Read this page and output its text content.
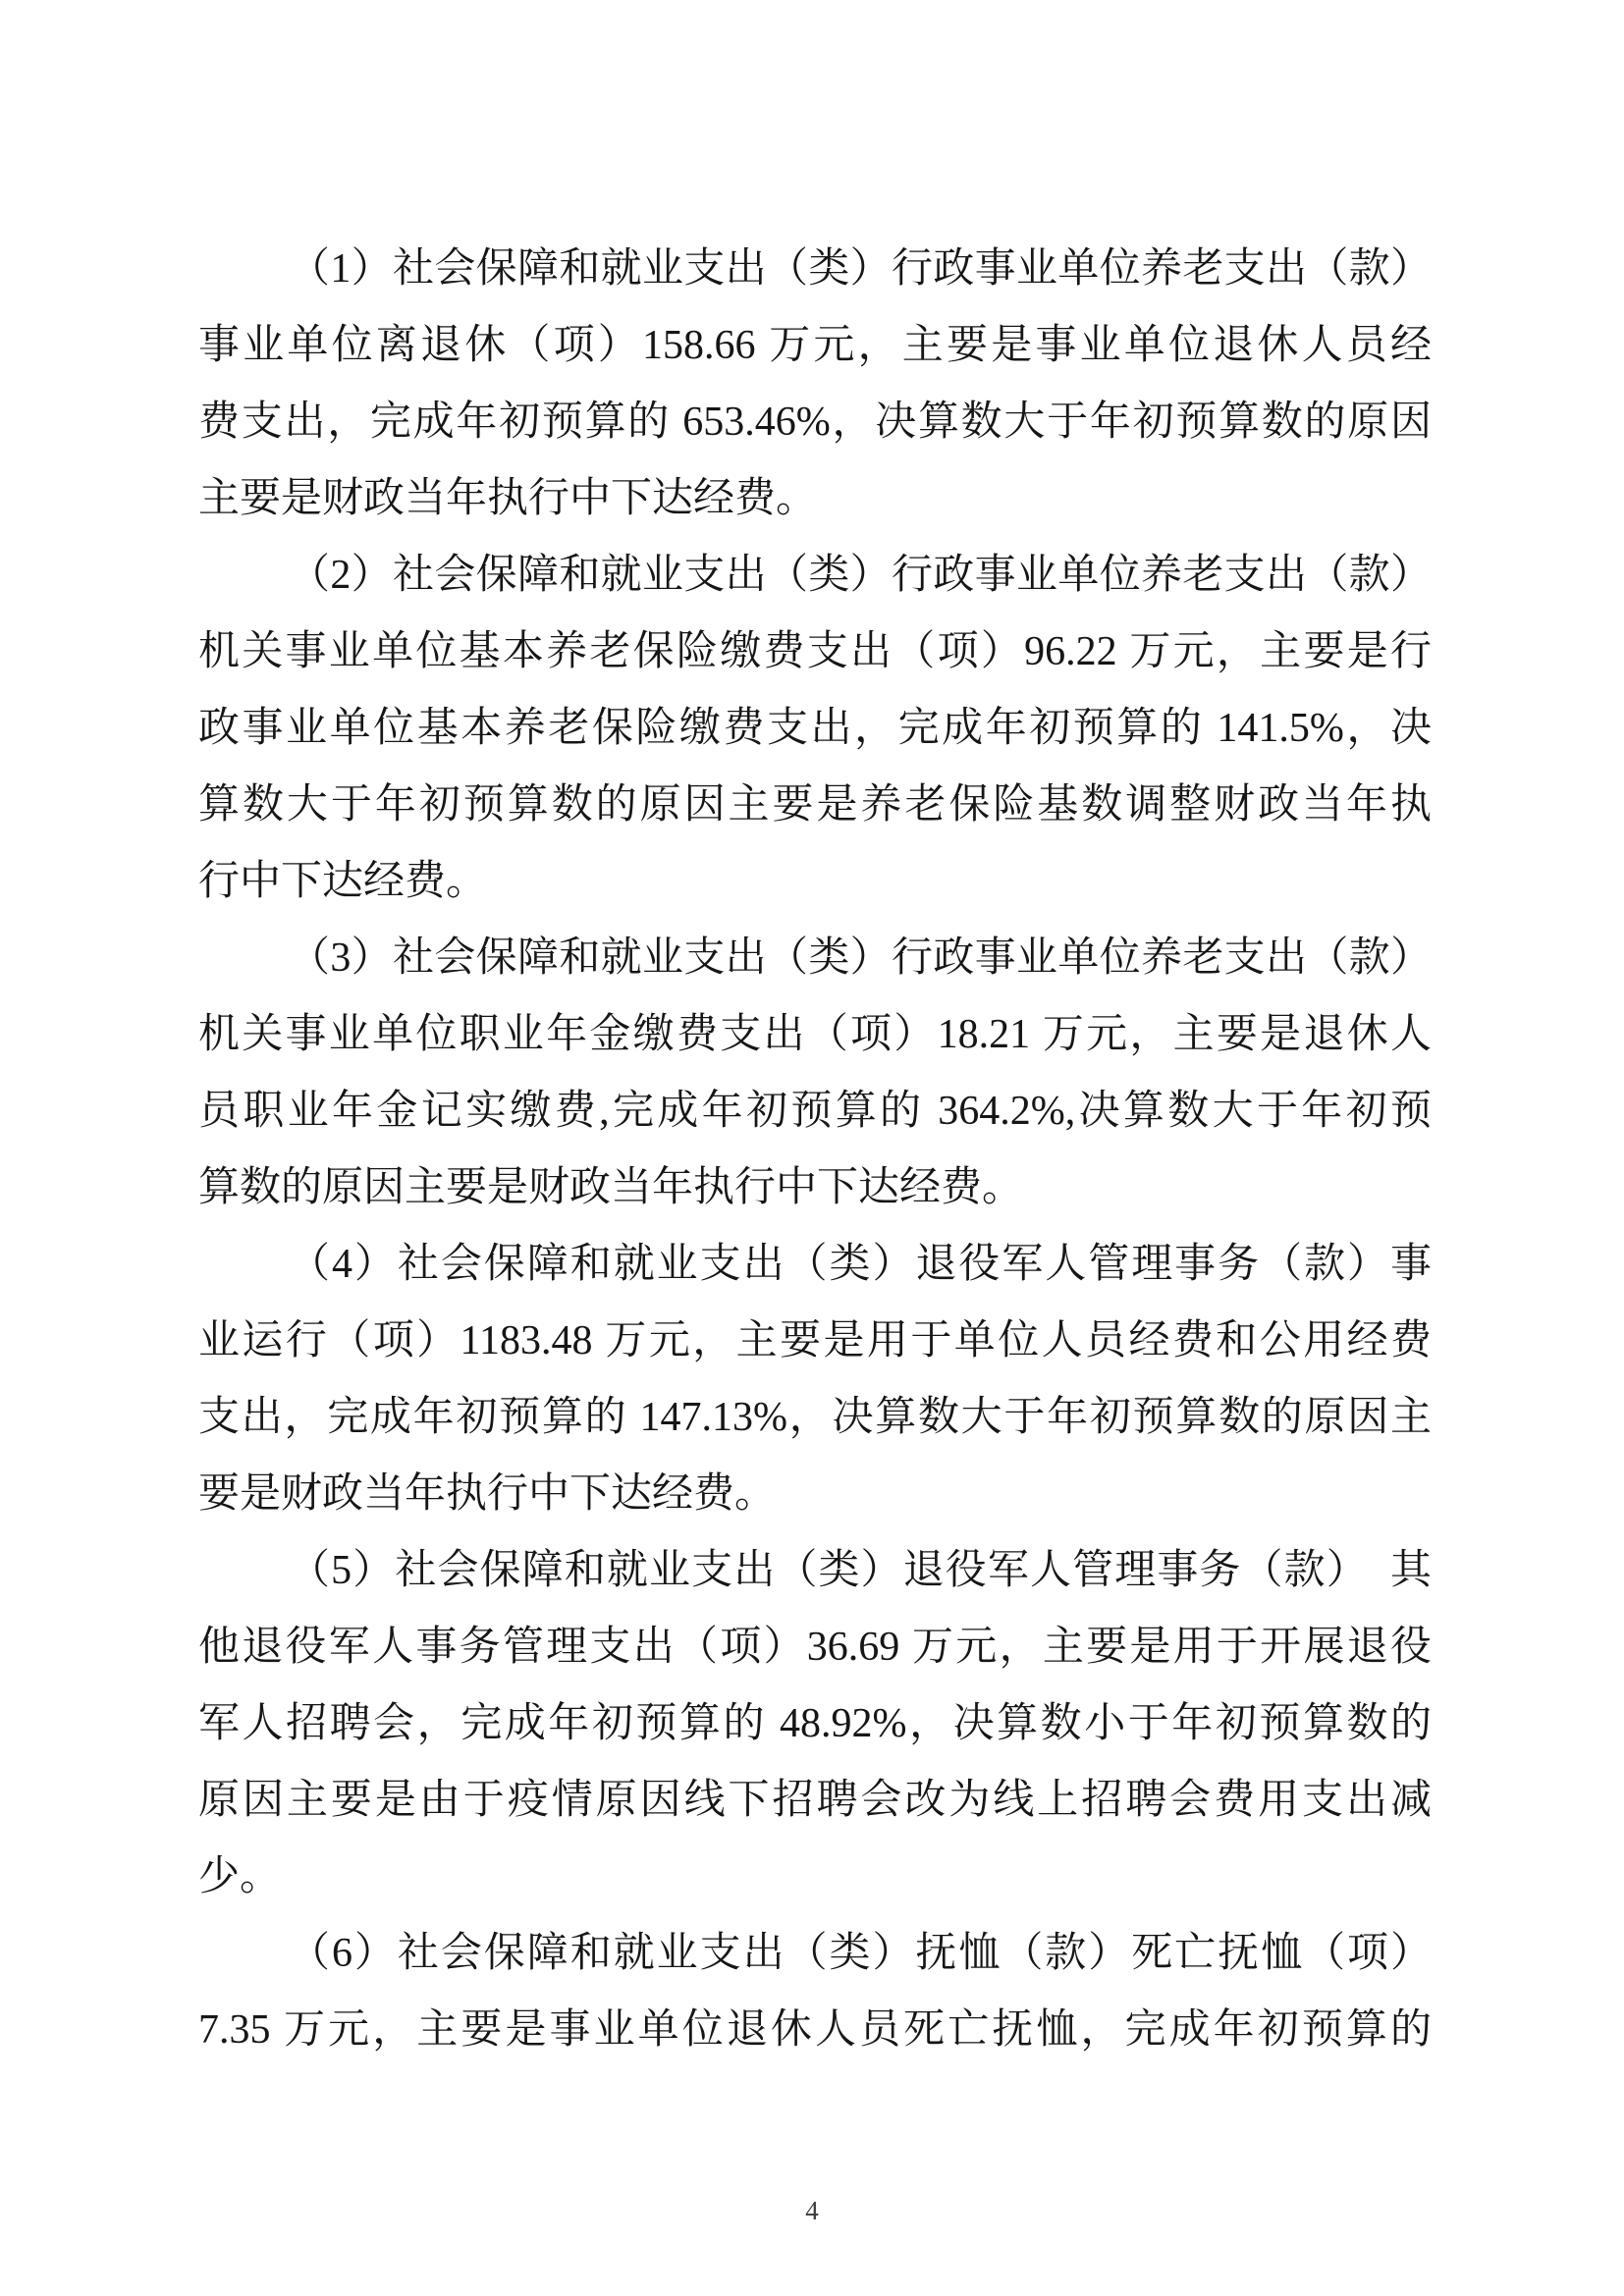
（1）社会保障和就业支出（类）行政事业单位养老支出（款）
事业单位离退休（项）158.66 万元，主要是事业单位退休人员经
费支出，完成年初预算的 653.46%，决算数大于年初预算数的原因
主要是财政当年执行中下达经费。
（2）社会保障和就业支出（类）行政事业单位养老支出（款）
机关事业单位基本养老保险缴费支出（项）96.22 万元，主要是行
政事业单位基本养老保险缴费支出，完成年初预算的 141.5%，决
算数大于年初预算数的原因主要是养老保险基数调整财政当年执
行中下达经费。
（3）社会保障和就业支出（类）行政事业单位养老支出（款）
机关事业单位职业年金缴费支出（项）18.21 万元，主要是退休人
员职业年金记实缴费,完成年初预算的 364.2%,决算数大于年初预
算数的原因主要是财政当年执行中下达经费。
（4）社会保障和就业支出（类）退役军人管理事务（款）事
业运行（项）1183.48 万元，主要是用于单位人员经费和公用经费
支出，完成年初预算的 147.13%，决算数大于年初预算数的原因主
要是财政当年执行中下达经费。
（5）社会保障和就业支出（类）退役军人管理事务（款）　其
他退役军人事务管理支出（项）36.69 万元，主要是用于开展退役
军人招聘会，完成年初预算的 48.92%，决算数小于年初预算数的
原因主要是由于疫情原因线下招聘会改为线上招聘会费用支出减
少。
（6）社会保障和就业支出（类）抚恤（款）死亡抚恤（项）
7.35 万元，主要是事业单位退休人员死亡抚恤，完成年初预算的
4
